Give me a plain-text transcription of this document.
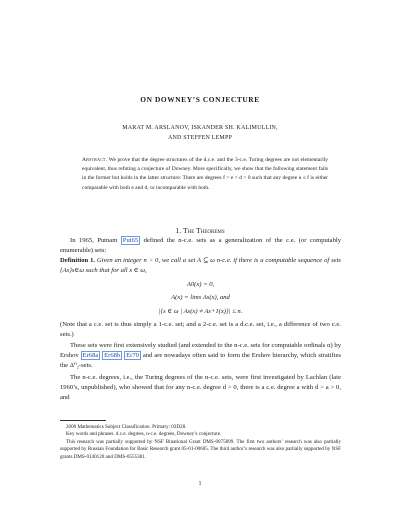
ON DOWNEY’S CONJECTURE
MARAT M. ARSLANOV, ISKANDER SH. KALIMULLIN,
AND STEFFEN LEMPP
Abstract. We prove that the degree structures of the d.c.e. and the 3-c.e. Turing degrees are not elementarily equivalent, thus refuting a conjecture of Downey. More specifically, we show that the following statement fails in the former but holds in the latter structure: There are degrees f > e > d > 0 such that any degree u ≤ f is either comparable with both e and d, or incomparable with both.
1. The Theorems
In 1965, Putnam Put65 defined the n-c.e. sets as a generalization of the c.e. (or computably enumerable) sets:
Definition 1. Given an integer n > 0, we call a set A ⊆ ω n-c.e. if there is a computable sequence of sets {As}s∈ω such that for all x ∈ ω,
A0(x) = 0,
A(x) = lims As(x), and
|{s ∈ ω | As(x) ≠ As+1(x)}| ≤ n.
(Note that a c.e. set is thus simply a 1-c.e. set; and a 2-c.e. set is a d.c.e. set, i.e., a difference of two c.e. sets.)
These sets were first extensively studied (and extended to the n-c.e. sets for computable ordinals α) by Ershov Er68a Er68b Er70 and are nowadays often said to form the Ershov hierarchy, which stratifies the Δ⁰₂-sets.
The n-c.e. degrees, i.e., the Turing degrees of the n-c.e. sets, were first investigated by Lachlan (late 1960’s, unpublished), who showed that for any n-c.e. degree d > 0, there is a c.e. degree a with d > a > 0, and
2000 Mathematics Subject Classification. Primary: 03D28.
Key words and phrases. d.c.e. degrees, n-c.e. degrees, Downey’s conjecture.
This research was partially supported by NSF Binational Grant DMS-0075899. The first two authors’ research was also partially supported by Russian Foundation for Basic Research grant 05-01-00605. The third author’s research was also partially supported by NSF grants DMS-0140120 and DMS-0555381.
1
